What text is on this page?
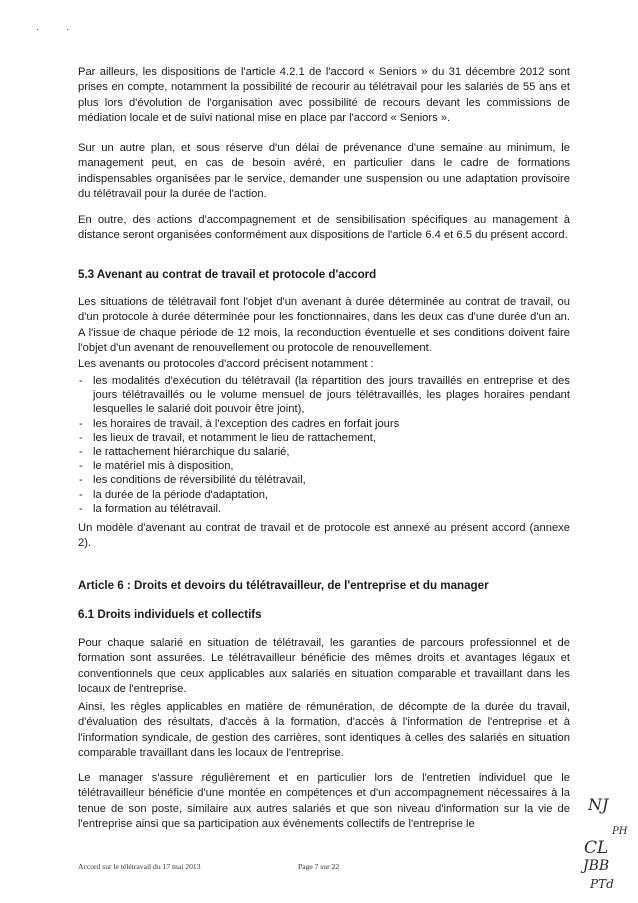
·	·

Par ailleurs, les dispositions de l'article 4.2.1 de l'accord « Seniors » du 31 décembre 2012 sont prises en compte, notamment la possibilité de recourir au télétravail pour les salariés de 55 ans et plus lors d'évolution de l'organisation avec possibilité de recours devant les commissions de médiation locale et de suivi national mise en place par l'accord « Seniors ».

Sur un autre plan, et sous réserve d'un délai de prévenance d'une semaine au minimum, le management peut, en cas de besoin avéré, en particulier dans le cadre de formations indispensables organisées par le service, demander une suspension ou une adaptation provisoire du télétravail pour la durée de l'action.

En outre, des actions d'accompagnement et de sensibilisation spécifiques au management à distance seront organisées conformément aux dispositions de l'article 6.4 et 6.5 du présent accord.

5.3 Avenant au contrat de travail et protocole d'accord

Les situations de télétravail font l'objet d'un avenant à durée déterminée au contrat de travail, ou d'un protocole à durée déterminée pour les fonctionnaires, dans les deux cas d'une durée d'un an. A l'issue de chaque période de 12 mois, la reconduction éventuelle et ses conditions doivent faire l'objet d'un avenant de renouvellement ou protocole de renouvellement.

Les avenants ou protocoles d'accord précisent notamment :

- les modalités d'exécution du télétravail (la répartition des jours travaillés en entreprise et des jours télétravaillés ou le volume mensuel de jours télétravaillés, les plages horaires pendant lesquelles le salarié doit pouvoir être joint),
- les horaires de travail, à l'exception des cadres en forfait jours
- les lieux de travail, et notamment le lieu de rattachement,
- le rattachement hiérarchique du salarié,
- le matériel mis à disposition,
- les conditions de réversibilité du télétravail,
- la durée de la période d'adaptation,
- la formation au télétravail.

Un modèle d'avenant au contrat de travail et de protocole est annexé au présent accord (annexe 2).

Article 6 : Droits et devoirs du télétravailleur, de l'entreprise et du manager
6.1 Droits individuels et collectifs

Pour chaque salarié en situation de télétravail, les garanties de parcours professionnel et de formation sont assurées. Le télétravailleur bénéficie des mêmes droits et avantages légaux et conventionnels que ceux applicables aux salariés en situation comparable et travaillant dans les locaux de l'entreprise.

Ainsi, les règles applicables en matière de rémunération, de décompte de la durée du travail, d'évaluation des résultats, d'accès à la formation, d'accès à l'information de l'entreprise et à l'information syndicale, de gestion des carrières, sont identiques à celles des salariés en situation comparable travaillant dans les locaux de l'entreprise.

Le manager s'assure régulièrement et en particulier lors de l'entretien individuel que le télétravailleur bénéficie d'une montée en compétences et d'un accompagnement nécessaires à la tenue de son poste, similaire aux autres salariés et que son niveau d'information sur la vie de l'entreprise ainsi que sa participation aux événements collectifs de l'entreprise le

Accord sur le télétravail du 17 mai 2013	Page 7 sur 22
NJ
PH
CL
JBB
PTd
